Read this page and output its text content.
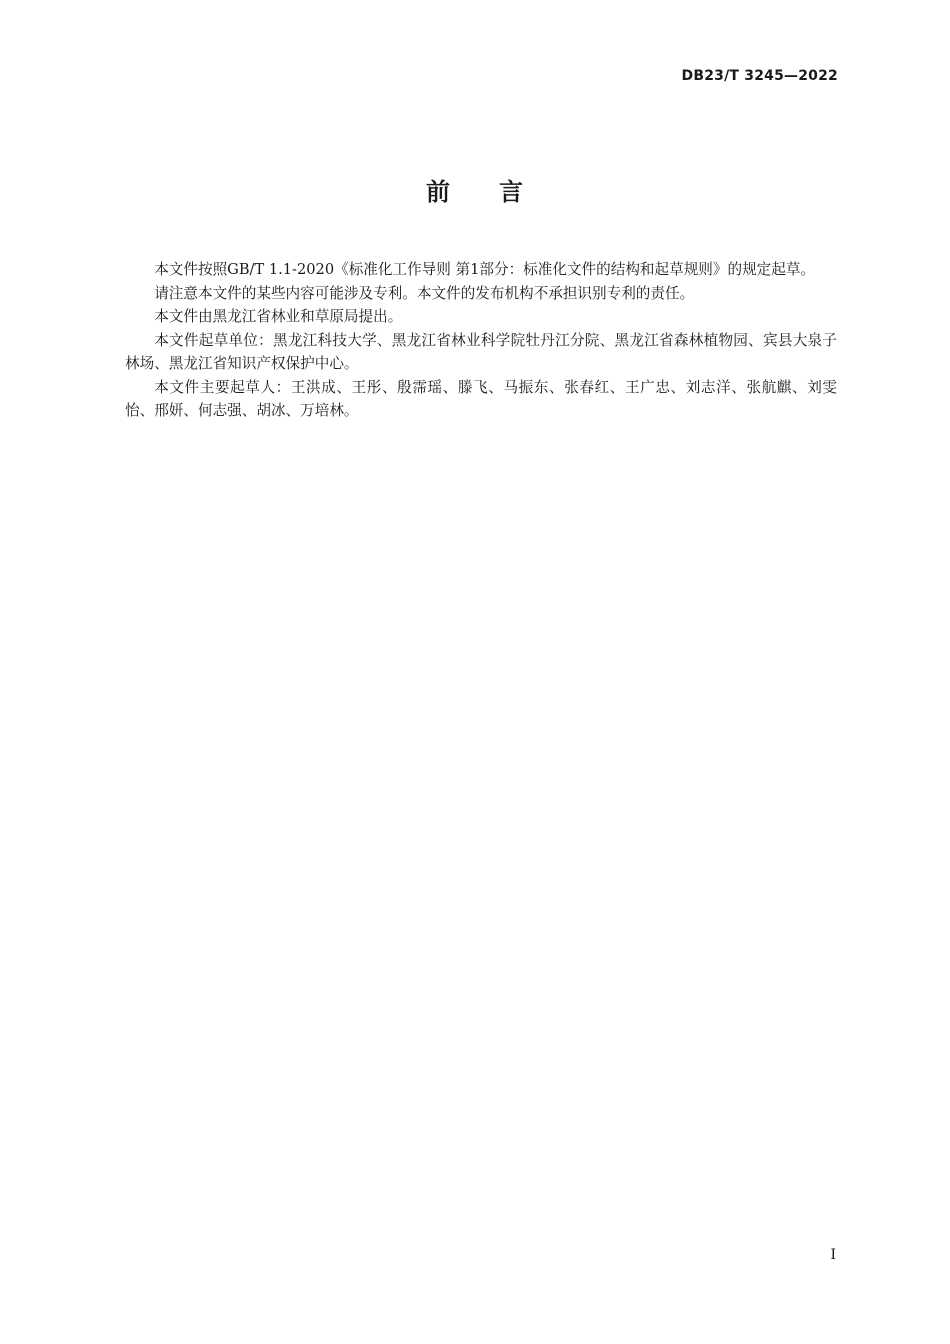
DB23/T 3245—2022
前 言

本文件按照GB/T 1.1-2020《标准化工作导则 第1部分：标准化文件的结构和起草规则》的规定起草。

请注意本文件的某些内容可能涉及专利。本文件的发布机构不承担识别专利的责任。

本文件由黑龙江省林业和草原局提出。

本文件起草单位：黑龙江科技大学、黑龙江省林业科学院牡丹江分院、黑龙江省森林植物园、宾县大泉子林场、黑龙江省知识产权保护中心。

本文件主要起草人：王洪成、王彤、殷霈瑶、滕飞、马振东、张春红、王广忠、刘志洋、张航麒、刘雯怡、邢妍、何志强、胡冰、万培林。

I
